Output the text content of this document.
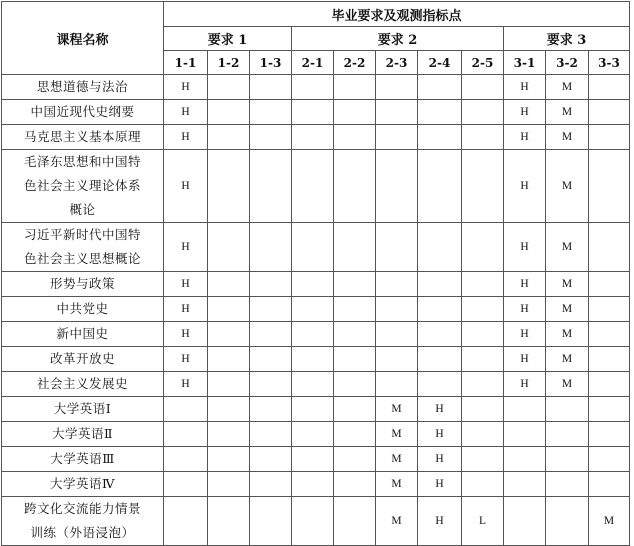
课程名称	毕业要求及观测指标点										
	要求 1			要求 2					要求 3		
	1-1	1-2	1-3	2-1	2-2	2-3	2-4	2-5	3-1	3-2	3-3

思想道德与法治	H								H	M	

中国近现代史纲要	H								H	M	

马克思主义基本原理	H								H	M	

毛泽东思想和中国特
色社会主义理论体系
概论	H								H	M	

习近平新时代中国特
色社会主义思想概论	H								H	M	

形势与政策	H								H	M	

中共党史	H								H	M	

新中国史	H								H	M	

改革开放史	H								H	M	

社会主义发展史	H								H	M	

大学英语Ⅰ						M	H				

大学英语Ⅱ						M	H				

大学英语Ⅲ						M	H				

大学英语Ⅳ						M	H				

跨文化交流能力情景
训练（外语浸泡）						M	H	L			M
